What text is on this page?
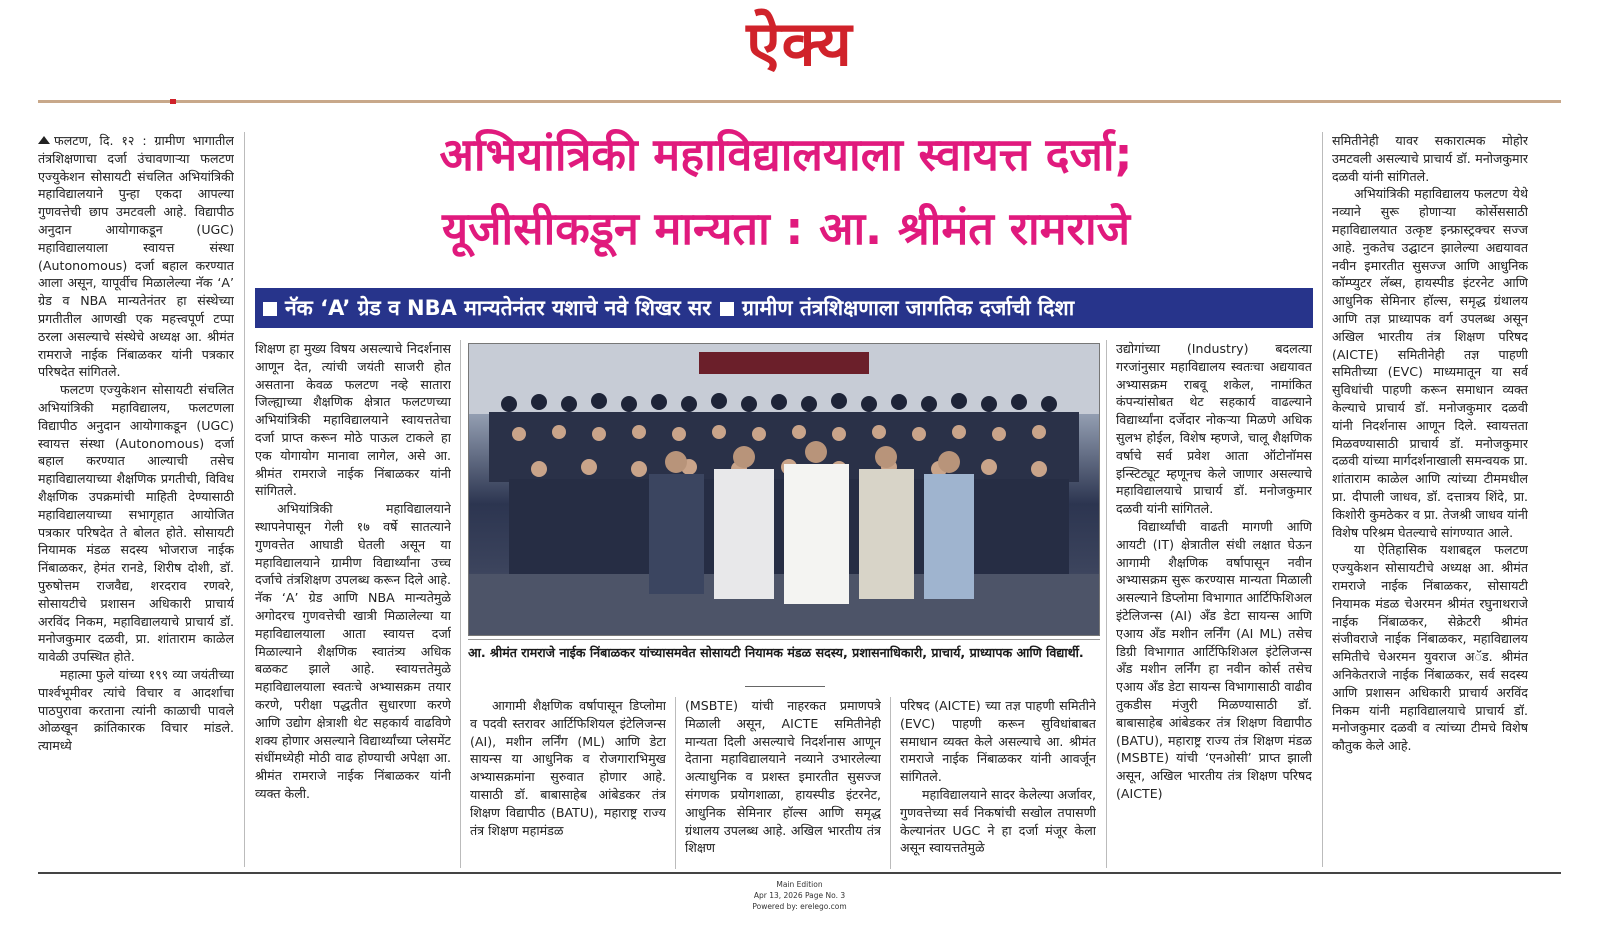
ऐक्य

फलटण, दि. १२ : ग्रामीण भागातील तंत्रशिक्षणाचा दर्जा उंचावणाऱ्या फलटण एज्युकेशन सोसायटी संचलित अभियांत्रिकी महाविद्यालयाने पुन्हा एकदा आपल्या गुणवत्तेची छाप उमटवली आहे. विद्यापीठ अनुदान आयोगाकडून (UGC) महाविद्यालयाला स्वायत्त संस्था (Autonomous) दर्जा बहाल करण्यात आला असून, यापूर्वीच मिळालेल्या नॅक ‘A’ ग्रेड व NBA मान्यतेनंतर हा संस्थेच्या प्रगतीतील आणखी एक महत्त्वपूर्ण टप्पा ठरला असल्याचे संस्थेचे अध्यक्ष आ. श्रीमंत रामराजे नाईक निंबाळकर यांनी पत्रकार परिषदेत सांगितले.

फलटण एज्युकेशन सोसायटी संचलित अभियांत्रिकी महाविद्यालय, फलटणला विद्यापीठ अनुदान आयोगाकडून (UGC) स्वायत्त संस्था (Autonomous) दर्जा बहाल करण्यात आल्याची तसेच महाविद्यालयाच्या शैक्षणिक प्रगतीची, विविध शैक्षणिक उपक्रमांची माहिती देण्यासाठी महाविद्यालयाच्या सभागृहात आयोजित पत्रकार परिषदेत ते बोलत होते. सोसायटी नियामक मंडळ सदस्य भोजराज नाईक निंबाळकर, हेमंत रानडे, शिरीष दोशी, डॉ. पुरुषोत्तम राजवैद्य, शरदराव रणवरे, सोसायटीचे प्रशासन अधिकारी प्राचार्य अरविंद निकम, महाविद्यालयाचे प्राचार्य डॉ. मनोजकुमार दळवी, प्रा. शांताराम काळेल यावेळी उपस्थित होते.

महात्मा फुले यांच्या १९९ व्या जयंतीच्या पार्श्वभूमीवर त्यांचे विचार व आदर्शाचा पाठपुरावा करताना त्यांनी काळाची पावले ओळखून क्रांतिकारक विचार मांडले. त्यामध्ये

अभियांत्रिकी महाविद्यालयाला स्वायत्त दर्जा;
यूजीसीकडून मान्यता : आ. श्रीमंत रामराजे
नॅक ‘A’ ग्रेड व NBA मान्यतेनंतर यशाचे नवे शिखर सर ग्रामीण तंत्रशिक्षणाला जागतिक दर्जाची दिशा

शिक्षण हा मुख्य विषय असल्याचे निदर्शनास आणून देत, त्यांची जयंती साजरी होत असताना केवळ फलटण नव्हे सातारा जिल्ह्याच्या शैक्षणिक क्षेत्रात फलटणच्या अभियांत्रिकी महाविद्यालयाने स्वायत्ततेचा दर्जा प्राप्त करून मोठे पाऊल टाकले हा एक योगायोग मानावा लागेल, असे आ. श्रीमंत रामराजे नाईक निंबाळकर यांनी सांगितले.

अभियांत्रिकी महाविद्यालयाने स्थापनेपासून गेली १७ वर्षे सातत्याने गुणवत्तेत आघाडी घेतली असून या महाविद्यालयाने ग्रामीण विद्यार्थ्यांना उच्च दर्जाचे तंत्रशिक्षण उपलब्ध करून दिले आहे. नॅक ‘A’ ग्रेड आणि NBA मान्यतेमुळे अगोदरच गुणवत्तेची खात्री मिळालेल्या या महाविद्यालयाला आता स्वायत्त दर्जा मिळाल्याने शैक्षणिक स्वातंत्र्य अधिक बळकट झाले आहे. स्वायत्ततेमुळे महाविद्यालयाला स्वतःचे अभ्यासक्रम तयार करणे, परीक्षा पद्धतीत सुधारणा करणे आणि उद्योग क्षेत्राशी थेट सहकार्य वाढविणे शक्य होणार असल्याने विद्यार्थ्यांच्या प्लेसमेंट संधींमध्येही मोठी वाढ होण्याची अपेक्षा आ. श्रीमंत रामराजे नाईक निंबाळकर यांनी व्यक्त केली.

आ. श्रीमंत रामराजे नाईक निंबाळकर यांच्यासमवेत सोसायटी नियामक मंडळ सदस्य, प्रशासनाधिकारी, प्राचार्य, प्राध्यापक आणि विद्यार्थी.

आगामी शैक्षणिक वर्षापासून डिप्लोमा व पदवी स्तरावर आर्टिफिशियल इंटेलिजन्स (AI), मशीन लर्निंग (ML) आणि डेटा सायन्स या आधुनिक व रोजगाराभिमुख अभ्यासक्रमांना सुरुवात होणार आहे. यासाठी डॉ. बाबासाहेब आंबेडकर तंत्र शिक्षण विद्यापीठ (BATU), महाराष्ट्र राज्य तंत्र शिक्षण महामंडळ

(MSBTE) यांची नाहरकत प्रमाणपत्रे मिळाली असून, AICTE समितीनेही मान्यता दिली असल्याचे निदर्शनास आणून देताना महाविद्यालयाने नव्याने उभारलेल्या अत्याधुनिक व प्रशस्त इमारतीत सुसज्ज संगणक प्रयोगशाळा, हायस्पीड इंटरनेट, आधुनिक सेमिनार हॉल्स आणि समृद्ध ग्रंथालय उपलब्ध आहे. अखिल भारतीय तंत्र शिक्षण

परिषद (AICTE) च्या तज्ञ पाहणी समितीने (EVC) पाहणी करून सुविधांबाबत समाधान व्यक्त केले असल्याचे आ. श्रीमंत रामराजे नाईक निंबाळकर यांनी आवर्जून सांगितले.

महाविद्यालयाने सादर केलेल्या अर्जावर, गुणवत्तेच्या सर्व निकषांची सखोल तपासणी केल्यानंतर UGC ने हा दर्जा मंजूर केला असून स्वायत्ततेमुळे

उद्योगांच्या (Industry) बदलत्या गरजांनुसार महाविद्यालय स्वतःचा अद्ययावत अभ्यासक्रम राबवू शकेल, नामांकित कंपन्यांसोबत थेट सहकार्य वाढल्याने विद्यार्थ्यांना दर्जेदार नोकऱ्या मिळणे अधिक सुलभ होईल, विशेष म्हणजे, चालू शैक्षणिक वर्षाचे सर्व प्रवेश आता ऑटोनॉमस इन्स्टिट्यूट म्हणूनच केले जाणार असल्याचे महाविद्यालयाचे प्राचार्य डॉ. मनोजकुमार दळवी यांनी सांगितले.

विद्यार्थ्यांची वाढती मागणी आणि आयटी (IT) क्षेत्रातील संधी लक्षात घेऊन आगामी शैक्षणिक वर्षापासून नवीन अभ्यासक्रम सुरू करण्यास मान्यता मिळाली असल्याने डिप्लोमा विभागात आर्टिफिशिअल इंटेलिजन्स (AI) अँड डेटा सायन्स आणि एआय अँड मशीन लर्निंग (AI ML) तसेच डिग्री विभागात आर्टिफिशिअल इंटेलिजन्स अँड मशीन लर्निंग हा नवीन कोर्स तसेच एआय अँड डेटा सायन्स विभागासाठी वाढीव तुकडीस मंजुरी मिळण्यासाठी डॉ. बाबासाहेब आंबेडकर तंत्र शिक्षण विद्यापीठ (BATU), महाराष्ट्र राज्य तंत्र शिक्षण मंडळ (MSBTE) यांची ‘एनओसी’ प्राप्त झाली असून, अखिल भारतीय तंत्र शिक्षण परिषद (AICTE)

समितीनेही यावर सकारात्मक मोहोर उमटवली असल्याचे प्राचार्य डॉ. मनोजकुमार दळवी यांनी सांगितले.

अभियांत्रिकी महाविद्यालय फलटण येथे नव्याने सुरू होणाऱ्या कोर्सेससाठी महाविद्यालयात उत्कृष्ट इन्फ्रास्ट्रक्चर सज्ज आहे. नुकतेच उद्घाटन झालेल्या अद्ययावत नवीन इमारतीत सुसज्ज आणि आधुनिक कॉम्प्युटर लॅब्स, हायस्पीड इंटरनेट आणि आधुनिक सेमिनार हॉल्स, समृद्ध ग्रंथालय आणि तज्ञ प्राध्यापक वर्ग उपलब्ध असून अखिल भारतीय तंत्र शिक्षण परिषद (AICTE) समितीनेही तज्ञ पाहणी समितीच्या (EVC) माध्यमातून या सर्व सुविधांची पाहणी करून समाधान व्यक्त केल्याचे प्राचार्य डॉ. मनोजकुमार दळवी यांनी निदर्शनास आणून दिले. स्वायत्तता मिळवण्यासाठी प्राचार्य डॉ. मनोजकुमार दळवी यांच्या मार्गदर्शनाखाली समन्वयक प्रा. शांताराम काळेल आणि त्यांच्या टीममधील प्रा. दीपाली जाधव, डॉ. दत्तात्रय शिंदे, प्रा. किशोरी कुमठेकर व प्रा. तेजश्री जाधव यांनी विशेष परिश्रम घेतल्याचे सांगण्यात आले.

या ऐतिहासिक यशाबद्दल फलटण एज्युकेशन सोसायटीचे अध्यक्ष आ. श्रीमंत रामराजे नाईक निंबाळकर, सोसायटी नियामक मंडळ चेअरमन श्रीमंत रघुनाथराजे नाईक निंबाळकर, सेक्रेटरी श्रीमंत संजीवराजे नाईक निंबाळकर, महाविद्यालय समितीचे चेअरमन युवराज अॅड. श्रीमंत अनिकेतराजे नाईक निंबाळकर, सर्व सदस्य आणि प्रशासन अधिकारी प्राचार्य अरविंद निकम यांनी महाविद्यालयाचे प्राचार्य डॉ. मनोजकुमार दळवी व त्यांच्या टीमचे विशेष कौतुक केले आहे.

Main Edition
Apr 13, 2026 Page No. 3
Powered by: erelego.com
